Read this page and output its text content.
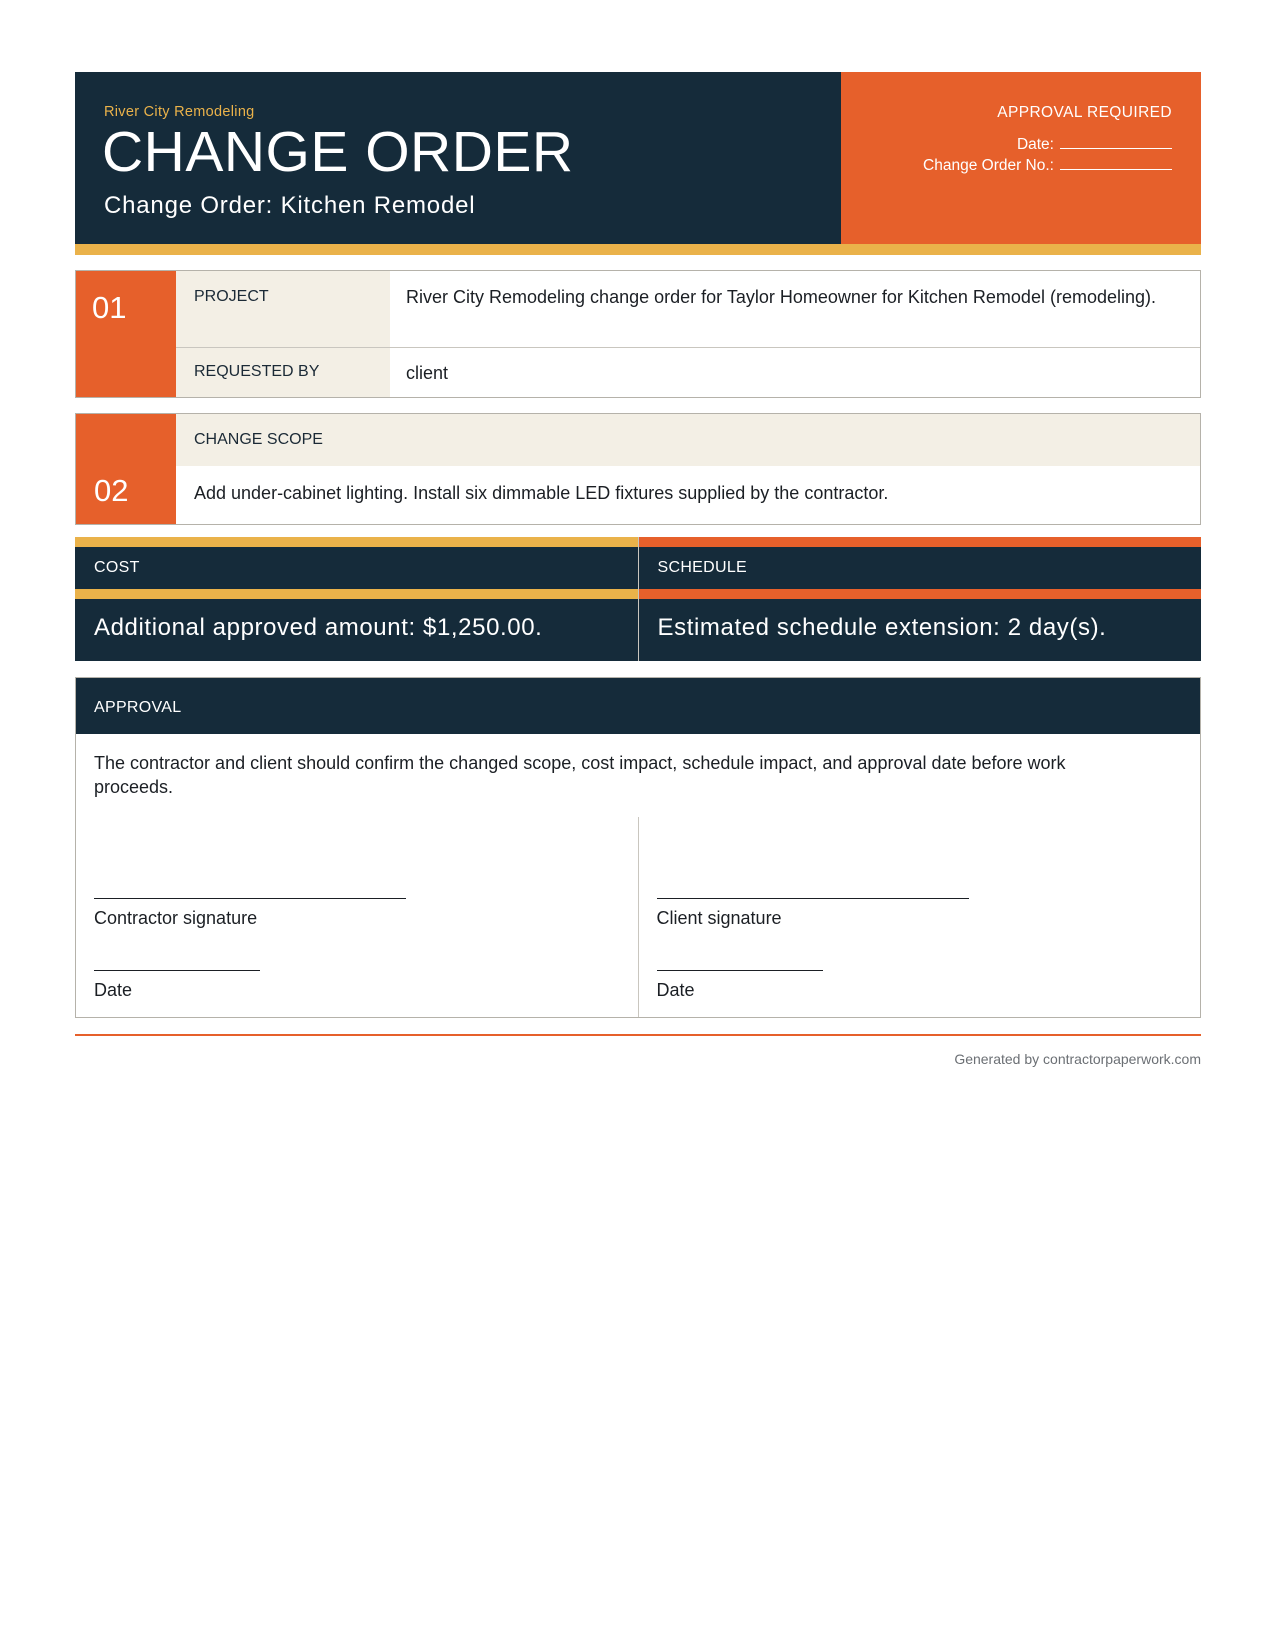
River City Remodeling
CHANGE ORDER
Change Order: Kitchen Remodel
APPROVAL REQUIRED
Date:
Change Order No.:
01	PROJECT	River City Remodeling change order for Taylor Homeowner for Kitchen Remodel (remodeling).
REQUESTED BY	client
02
CHANGE SCOPE
Add under-cabinet lighting. Install six dimmable LED fixtures supplied by the contractor.
COST
Additional approved amount: $1,250.00.
SCHEDULE
Estimated schedule extension: 2 day(s).
APPROVAL
The contractor and client should confirm the changed scope, cost impact, schedule impact, and approval date before work proceeds.
Contractor signature
Date
Client signature
Date
Generated by contractorpaperwork.com
